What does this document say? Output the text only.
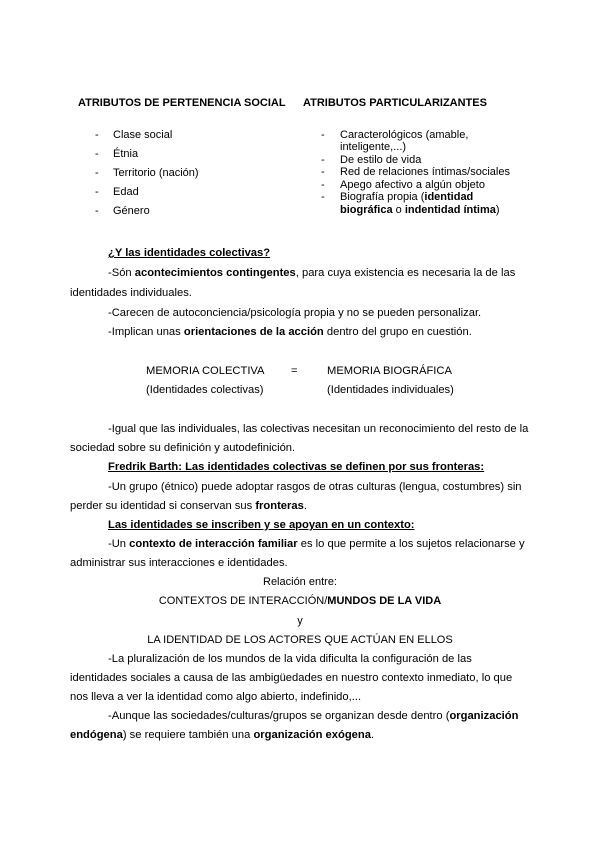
ATRIBUTOS DE PERTENENCIA SOCIAL ATRIBUTOS PARTICULARIZANTES
- Clase social
- Étnia
- Territorio (nación)
- Edad
- Género
- Caracterológicos (amable,
inteligente,...)
- De estilo de vida
- Red de relaciones íntimas/sociales
- Apego afectivo a algún objeto
- Biografía propia (identidad
biográfica o indentidad íntima)
¿Y las identidades colectivas?
-Són acontecimientos contingentes, para cuya existencia es necesaria la de las
identidades individuales.
-Carecen de autoconciencia/psicología propia y no se pueden personalizar.
-Implican unas orientaciones de la acción dentro del grupo en cuestión.
MEMORIA COLECTIVA =	MEMORIA BIOGRÁFICA
(Identidades colectivas)	(Identidades individuales)
-Igual que las individuales, las colectivas necesitan un reconocimiento del resto de la
sociedad sobre su definición y autodefinición.
Fredrik Barth: Las identidades colectivas se definen por sus fronteras:
-Un grupo (étnico) puede adoptar rasgos de otras culturas (lengua, costumbres) sin
perder su identidad si conservan sus fronteras.
Las identidades se inscriben y se apoyan en un contexto:
-Un contexto de interacción familiar es lo que permite a los sujetos relacionarse y
administrar sus interacciones e identidades.
Relación entre:
CONTEXTOS DE INTERACCIÓN/MUNDOS DE LA VIDA
y
LA IDENTIDAD DE LOS ACTORES QUE ACTÚAN EN ELLOS
-La pluralización de los mundos de la vida dificulta la configuración de las
identidades sociales a causa de las ambigüedades en nuestro contexto inmediato, lo que
nos lleva a ver la identidad como algo abierto, indefinido,...
-Aunque las sociedades/culturas/grupos se organizan desde dentro (organización
endógena) se requiere también una organización exógena.
